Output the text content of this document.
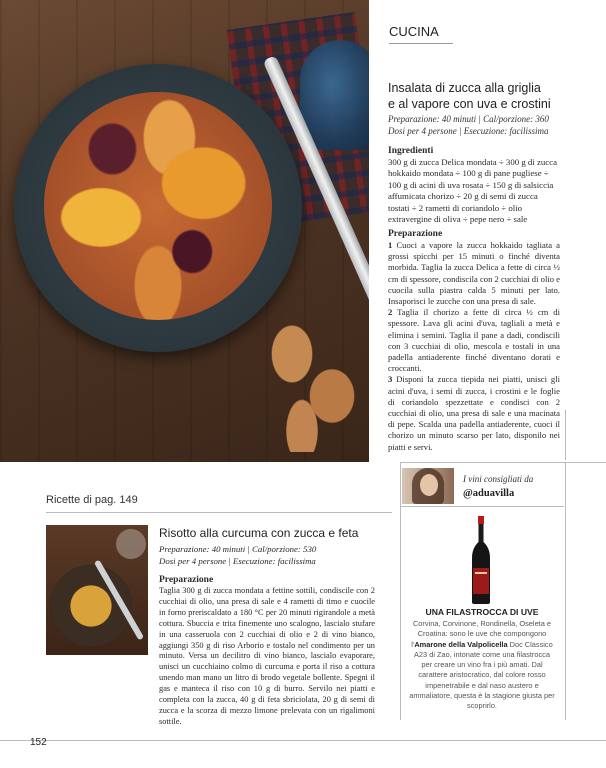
CUCINA
Insalata di zucca alla griglia
e al vapore con uva e crostini
Preparazione: 40 minuti | Cal/porzione: 360
Dosi per 4 persone | Esecuzione: facilissima
Ingredienti
300 g di zucca Delica mondata ÷ 300 g di zucca hokkaido mondata ÷ 100 g di pane pugliese ÷ 100 g di acini di uva rosata ÷ 150 g di salsiccia affumicata chorizo ÷ 20 g di semi di zucca tostati ÷ 2 rametti di coriandolo ÷ olio extravergine di oliva ÷ pepe nero ÷ sale
Preparazione

1 Cuoci a vapore la zucca hokkaido tagliata a grossi spicchi per 15 minuti o finché diventa morbida. Taglia la zucca Delica a fette di circa ½ cm di spessore, condiscila con 2 cucchiai di olio e cuocila sulla piastra calda 5 minuti per lato. Insaporisci le zucche con una presa di sale.

2 Taglia il chorizo a fette di circa ½ cm di spessore. Lava gli acini d'uva, tagliali a metà e elimina i semini. Taglia il pane a dadi, condiscili con 3 cucchiai di olio, mescola e tostali in una padella antiaderente finché diventano dorati e croccanti.

3 Disponi la zucca tiepida nei piatti, unisci gli acini d'uva, i semi di zucca, i crostini e le foglie di coriandolo spezzettate e condisci con 2 cucchiai di olio, una presa di sale e una macinata di pepe. Scalda una padella antiaderente, cuoci il chorizo un minuto scarso per lato, disponilo nei piatti e servi.

Ricette di pag. 149
Risotto alla curcuma con zucca e feta
Preparazione: 40 minuti | Cal/porzione: 530
Dosi per 4 persone | Esecuzione: facilissima
Preparazione
Taglia 300 g di zucca mondata a fettine sottili, condiscile con 2 cucchiai di olio, una presa di sale e 4 rametti di timo e cuocile in forno preriscaldato a 180 °C per 20 minuti rigirandole a metà cottura. Sbuccia e trita finemente uno scalogno, lascialo stufare in una casseruola con 2 cucchiai di olio e 2 di vino bianco, aggiungi 350 g di riso Arborio e tostalo nel condimento per un minuto. Versa un decilitro di vino bianco, lascialo evaporare, unisci un cucchiaino colmo di curcuma e porta il riso a cottura unendo man mano un litro di brodo vegetale bollente. Spegni il gas e manteca il riso con 10 g di burro. Servilo nei piatti e completa con la zucca, 40 g di feta sbriciolata, 20 g di semi di zucca e la scorza di mezzo limone prelevata con un rigalimoni sottile.
I vini consigliati da
@aduavilla
UNA FILASTROCCA DI UVE
Corvina, Corvinone, Rondinella, Oseleta e Croatina: sono le uve che compongono l'Amarone della Valpolicella Doc Classico A23 di Zao, intonate come una filastrocca per creare un vino fra i più amati. Dal carattere aristocratico, dal colore rosso impenetrabile e dal naso austero e ammaliatore, questa è la stagione giusta per scoprirlo.
152
